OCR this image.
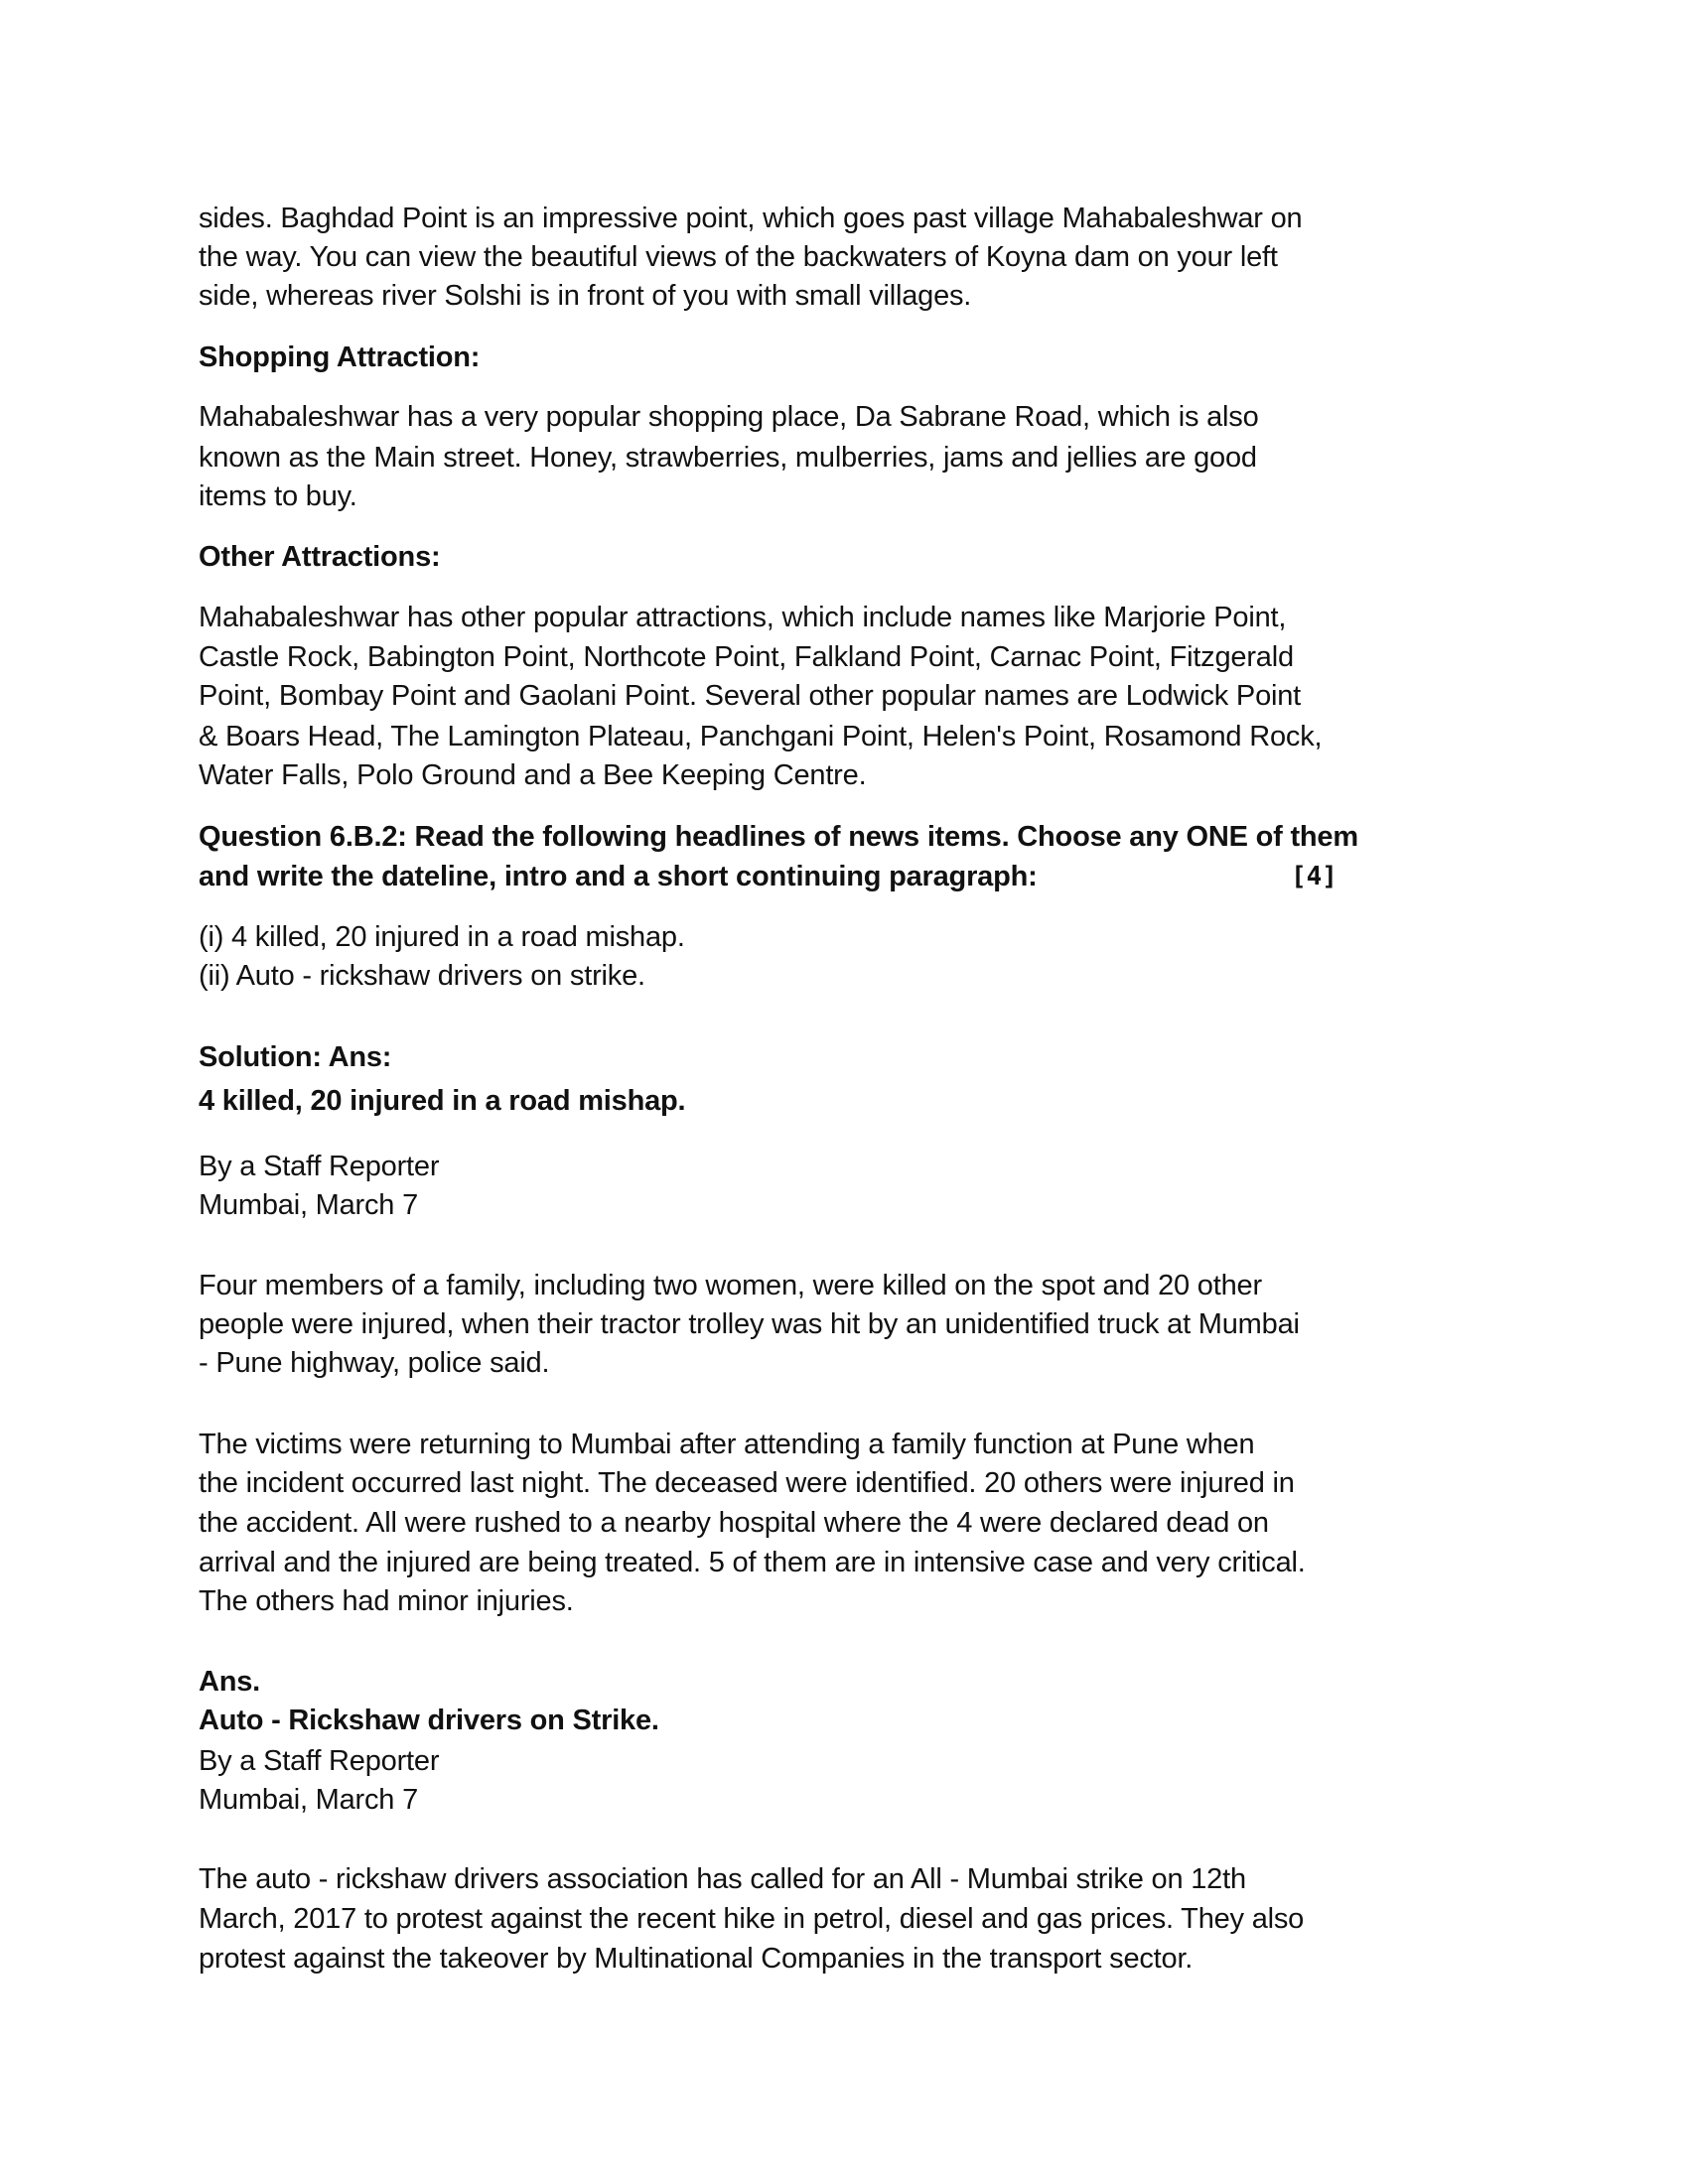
sides. Baghdad Point is an impressive point, which goes past village Mahabaleshwar on
the way. You can view the beautiful views of the backwaters of Koyna dam on your left
side, whereas river Solshi is in front of you with small villages.
Shopping Attraction:
Mahabaleshwar has a very popular shopping place, Da Sabrane Road, which is also
known as the Main street. Honey, strawberries, mulberries, jams and jellies are good
items to buy.
Other Attractions:
Mahabaleshwar has other popular attractions, which include names like Marjorie Point,
Castle Rock, Babington Point, Northcote Point, Falkland Point, Carnac Point, Fitzgerald
Point, Bombay Point and Gaolani Point. Several other popular names are Lodwick Point
& Boars Head, The Lamington Plateau, Panchgani Point, Helen's Point, Rosamond Rock,
Water Falls, Polo Ground and a Bee Keeping Centre.
Question 6.B.2: Read the following headlines of news items. Choose any ONE of them
and write the dateline, intro and a short continuing paragraph:	[4]
(i) 4 killed, 20 injured in a road mishap.
(ii) Auto - rickshaw drivers on strike.
Solution: Ans:
4 killed, 20 injured in a road mishap.
By a Staff Reporter
Mumbai, March 7
Four members of a family, including two women, were killed on the spot and 20 other
people were injured, when their tractor trolley was hit by an unidentified truck at Mumbai
- Pune highway, police said.
The victims were returning to Mumbai after attending a family function at Pune when
the incident occurred last night. The deceased were identified. 20 others were injured in
the accident. All were rushed to a nearby hospital where the 4 were declared dead on
arrival and the injured are being treated. 5 of them are in intensive case and very critical.
The others had minor injuries.
Ans.
Auto - Rickshaw drivers on Strike.
By a Staff Reporter
Mumbai, March 7
The auto - rickshaw drivers association has called for an All - Mumbai strike on 12th
March, 2017 to protest against the recent hike in petrol, diesel and gas prices. They also
protest against the takeover by Multinational Companies in the transport sector.
